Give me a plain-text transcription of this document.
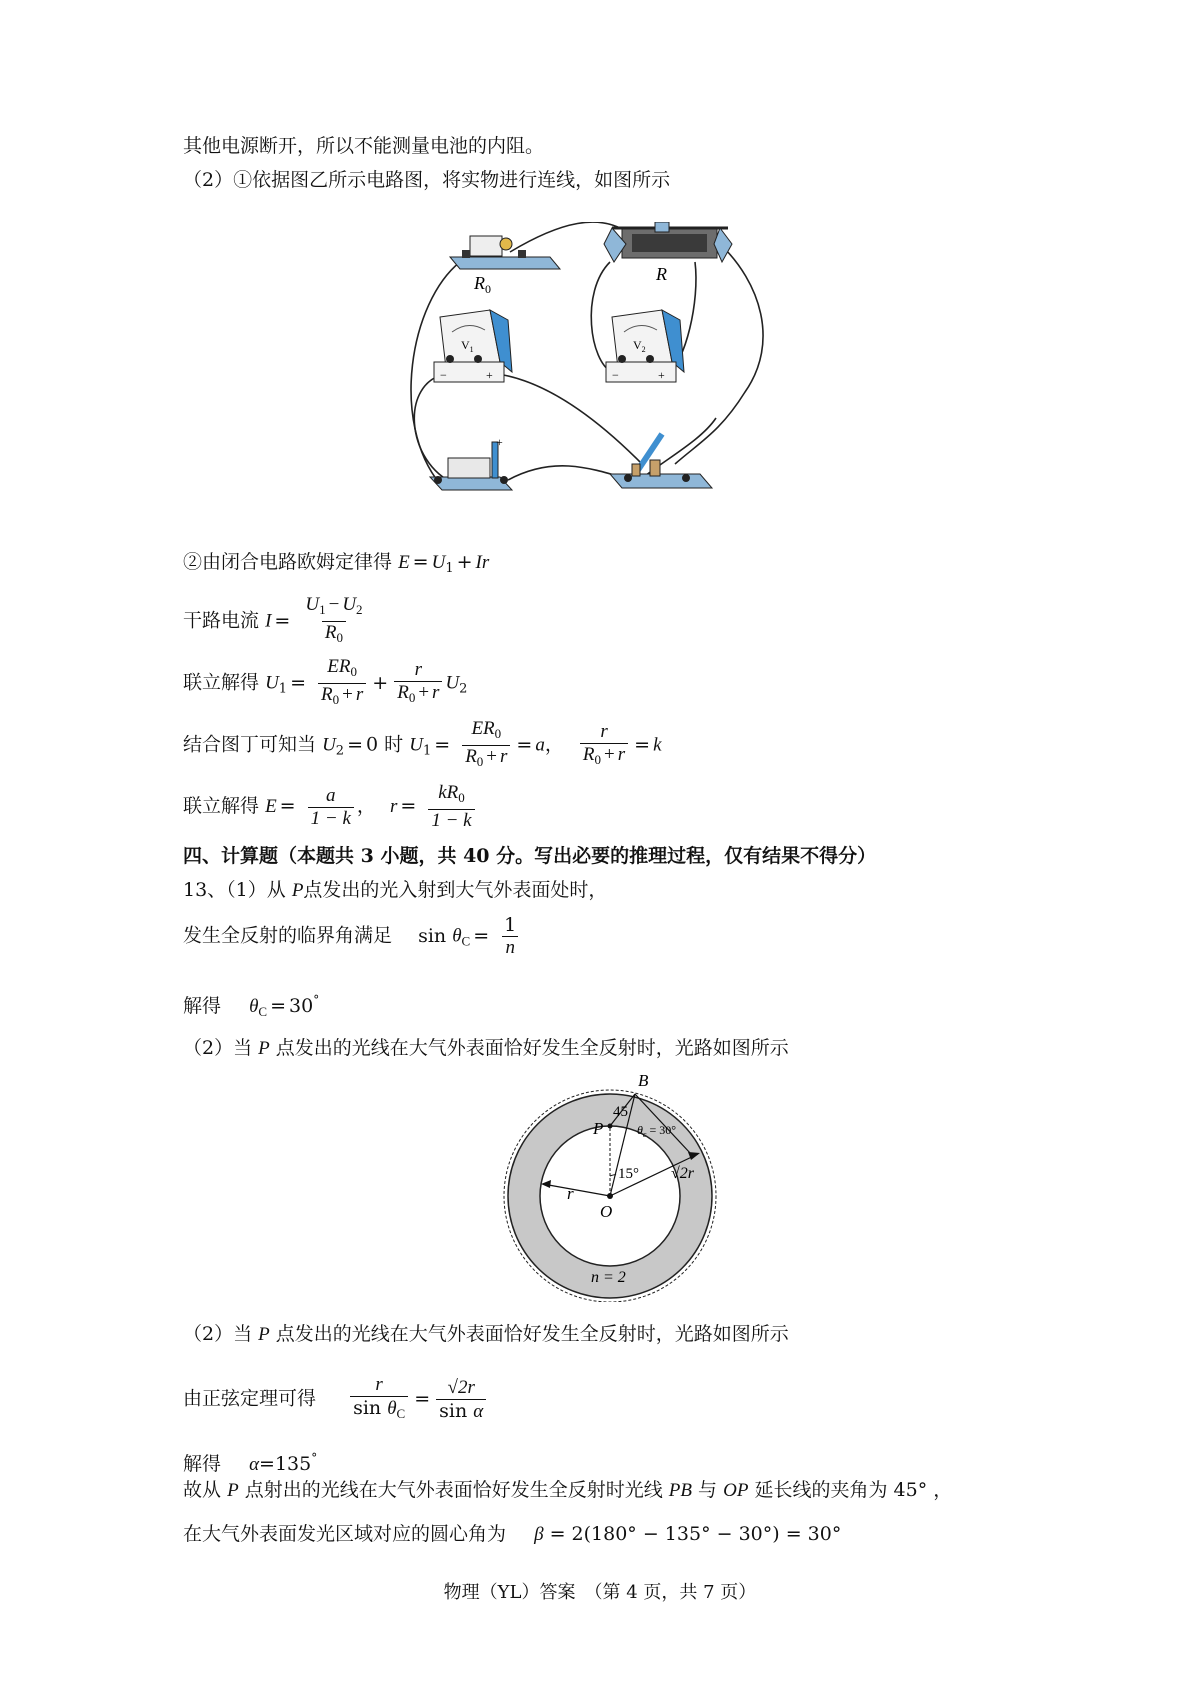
其他电源断开，所以不能测量电池的内阻。
（2）①依据图乙所示电路图，将实物进行连线，如图所示
$R_0$
R
$V_1$
−	+
$V_2$
−	+
+
②由闭合电路欧姆定律得 $E = U_1 + Ir$
干路电流 $I = \frac{U_1 - U_2}{R_0}$
联立解得 $U_1 = \frac{ER_0}{R_0 + r} + \frac{r}{R_0 + r} U_2$
结合图丁可知当 $U_2 = 0$ 时 $U_1 = \frac{ER_0}{R_0 + r} = a$， $\frac{r}{R_0 + r} = k$
联立解得 $E = \frac{a}{1 - k}$ ， $r = \frac{kR_0}{1 - k}$
四、计算题（本题共 3 小题，共 40 分。写出必要的推理过程，仅有结果不得分）
13、（1）从 P点发出的光入射到大气外表面处时，
发生全反射的临界角满足 $\sin \theta_C = \frac{1}{n}$
解得 $\theta_C = 30^\circ$
（2）当 P 点发出的光线在大气外表面恰好发生全反射时，光路如图所示
B
P
O
r
45
$\theta_c = 30^\circ$
15° √2r
n = 2
（2）当 P 点发出的光线在大气外表面恰好发生全反射时，光路如图所示
由正弦定理可得 $\frac{r}{\sin \theta_C} = \frac{√2r}{\text{sin α}}$
解得 α=135°
故从 P 点射出的光线在大气外表面恰好发生全反射时光线 PB 与 OP 延长线的夹角为 45° ，
在大气外表面发光区域对应的圆心角为 β = 2(180° − 135° − 30°) = 30°
物理（YL）答案　（第 4 页，共 7 页）
